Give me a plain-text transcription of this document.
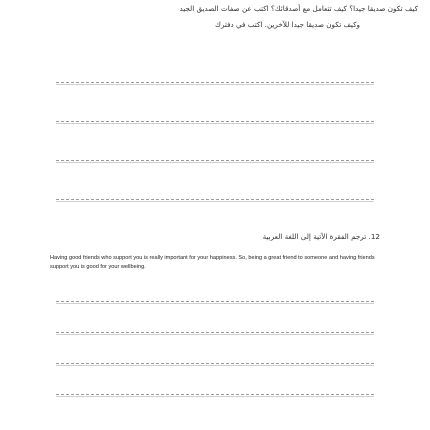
كيف تكون صديقا جيدا؟ كيف تتعامل مع أصدقائك؟ اكتب عن صفات الصديق الجيد
وكيف تكون صديقا جيدا للآخرين. اكتب في دفترك
12. ترجم الفقرة الآتية إلى اللغة العربية
Having good friends who support you is really important for your happiness. So, being a great friend to someone and having friends support you is good for your wellbeing.
